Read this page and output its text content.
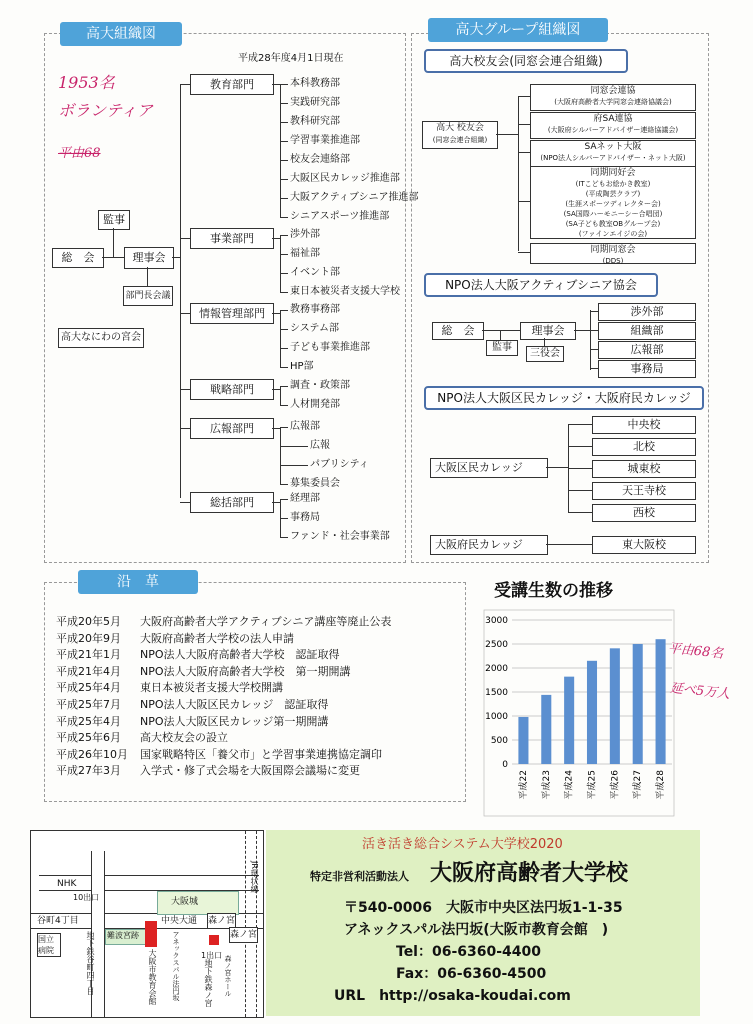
高大組織図
平成28年度4月1日現在
1953名
ボランティア
平由68
監事
総　会	理事会
部門長会議
高大なにわの宮会
教育部門	本科教務部
実践研究部
教科研究部
学習事業推進部
校友会連絡部
大阪区民カレッジ推進部
大阪アクティブシニア推進部
シニアスポーツ推進部
事業部門	渉外部
福祉部
イベント部
東日本被災者支援大学校
情報管理部門	教務事務部
システム部
子ども事業推進部
HP部
戦略部門	調査・政策部
人材開発部
広報部門	広報部
広報
パブリシティ
募集委員会
総括部門	経理部
事務局
ファンド・社会事業部
高大グループ組織図
高大校友会(同窓会連合組織)
高大 校友会
(同窓会連合組織)
同窓会連協
(大阪府高齢者大学同窓会連絡協議会)
府SA連協
(大阪府シルバーアドバイザー連絡協議会)
SAネット大阪
(NPO法人シルバーアドバイザー・ネット大阪)
同期同好会
(ITこどもお絵かき教室)
(平成陶芸クラブ)
(生涯スポーツディレクター会)
(SA国際ハーモニーシー合唱団)
(SA子ども教室OBグループ会)
(ファインエイジの会)
同期同窓会
(DDS)
NPO法人大阪アクティブシニア協会
総　会	理事会
監事
三役会
渉外部
組織部
広報部
事務局
NPO法人大阪区民カレッジ・大阪府民カレッジ
大阪区民カレッジ
中央校
北校
城東校
天王寺校
西校
大阪府民カレッジ	東大阪校
沿　革
平成20年5月 大阪府高齢者大学アクティブシニア講座等廃止公表
平成20年9月 大阪府高齢者大学校の法人申請
平成21年1月 NPO法人大阪府高齢者大学校　認証取得
平成21年4月 NPO法人大阪府高齢者大学校　第一期開講
平成25年4月 東日本被災者支援大学校開講
平成25年7月 NPO法人大阪区民カレッジ　認証取得
平成25年4月 NPO法人大阪区民カレッジ第一期開講
平成25年6月 高大校友会の設立
平成26年10月 国家戦略特区「養父市」と学習事業連携協定調印
平成27年3月 入学式・修了式会場を大阪国際会議場に変更
受講生数の推移
0
500
1000
1500
2000
2500
3000
平成22 平成23 平成24 平成25 平成26 平成27 平成28
平由68名
延べ5万人
NHK
谷町4丁目
10出口
地下鉄谷町四丁目
国立病院
難波宮跡
大阪城
中央大通 森ノ宮
JR環状線
1出口
地下鉄森ノ宮	森ノ宮ホール
森ノ宮
アネックスパル法円坂
大阪市教育会館
活き活き総合システム大学校2020
特定非営利活動法人 大阪府高齢者大学校
〒540-0006　大阪市中央区法円坂1-1-35
アネックスパル法円坂(大阪市教育会館　)
Tel：06-6360-4400
Fax：06-6360-4500
URL　http://osaka-koudai.com
